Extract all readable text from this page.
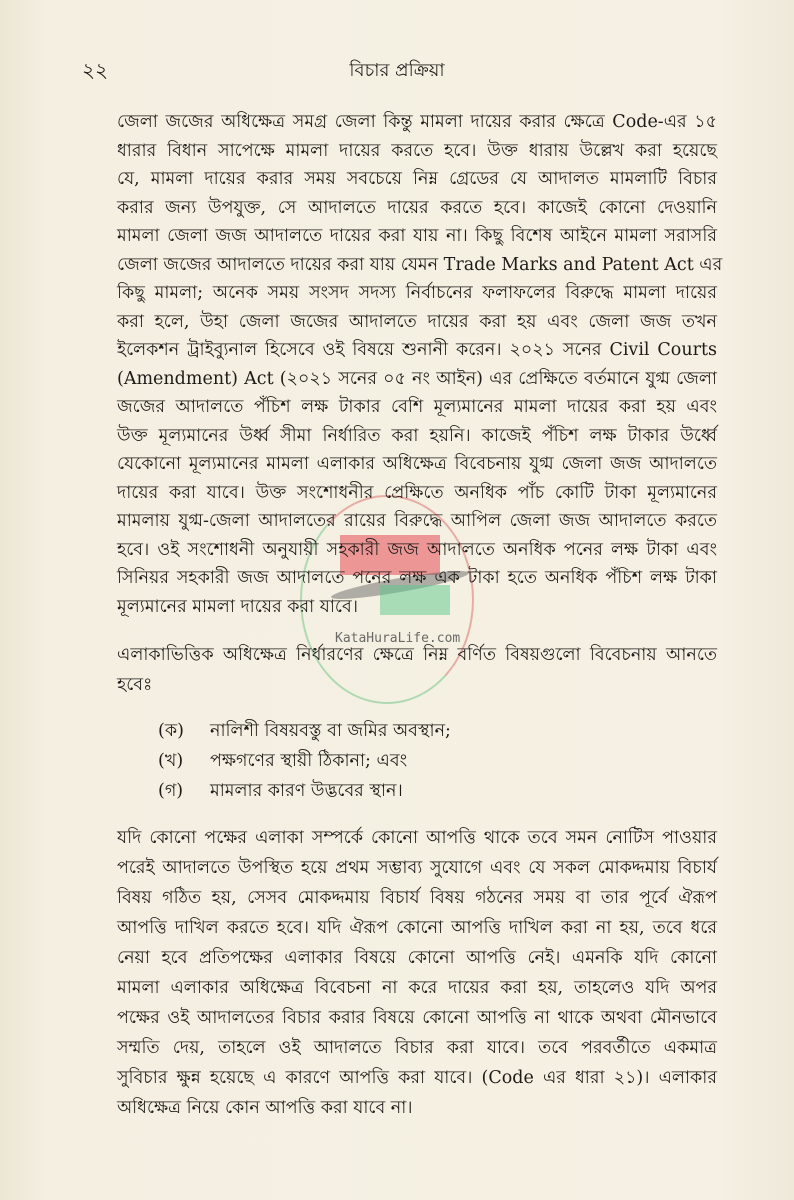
KataHuraLife.com
২২	বিচার প্রক্রিয়া
জেলা জজের অধিক্ষেত্র সমগ্র জেলা কিন্তু মামলা দায়ের করার ক্ষেত্রে Code-এর ১৫
ধারার বিধান সাপেক্ষে মামলা দায়ের করতে হবে। উক্ত ধারায় উল্লেখ করা হয়েছে
যে, মামলা দায়ের করার সময় সবচেয়ে নিম্ন গ্রেডের যে আদালত মামলাটি বিচার
করার জন্য উপযুক্ত, সে আদালতে দায়ের করতে হবে। কাজেই কোনো দেওয়ানি
মামলা জেলা জজ আদালতে দায়ের করা যায় না। কিছু বিশেষ আইনে মামলা সরাসরি
জেলা জজের আদালতে দায়ের করা যায় যেমন Trade Marks and Patent Act এর
কিছু মামলা; অনেক সময় সংসদ সদস্য নির্বাচনের ফলাফলের বিরুদ্ধে মামলা দায়ের
করা হলে, উহা জেলা জজের আদালতে দায়ের করা হয় এবং জেলা জজ তখন
ইলেকশন ট্রাইব্যুনাল হিসেবে ওই বিষয়ে শুনানী করেন। ২০২১ সনের Civil Courts
(Amendment) Act (২০২১ সনের ০৫ নং আইন) এর প্রেক্ষিতে বর্তমানে যুগ্ম জেলা
জজের আদালতে পঁচিশ লক্ষ টাকার বেশি মূল্যমানের মামলা দায়ের করা হয় এবং
উক্ত মূল্যমানের উর্ধ্ব সীমা নির্ধারিত করা হয়নি। কাজেই পঁচিশ লক্ষ টাকার উর্ধ্বে
যেকোনো মূল্যমানের মামলা এলাকার অধিক্ষেত্র বিবেচনায় যুগ্ম জেলা জজ আদালতে
দায়ের করা যাবে। উক্ত সংশোধনীর প্রেক্ষিতে অনধিক পাঁচ কোটি টাকা মূল্যমানের
মামলায় যুগ্ম-জেলা আদালতের রায়ের বিরুদ্ধে আপিল জেলা জজ আদালতে করতে
হবে। ওই সংশোধনী অনুযায়ী সহকারী জজ আদালতে অনধিক পনের লক্ষ টাকা এবং
সিনিয়র সহকারী জজ আদালতে পনের লক্ষ এক টাকা হতে অনধিক পঁচিশ লক্ষ টাকা
মূল্যমানের মামলা দায়ের করা যাবে।
এলাকাভিত্তিক অধিক্ষেত্র নির্ধারণের ক্ষেত্রে নিম্ন বর্ণিত বিষয়গুলো বিবেচনায় আনতে
হবেঃ
(ক) নালিশী বিষয়বস্তু বা জমির অবস্থান;
(খ) পক্ষগণের স্থায়ী ঠিকানা; এবং
(গ) মামলার কারণ উদ্ভবের স্থান।
যদি কোনো পক্ষের এলাকা সম্পর্কে কোনো আপত্তি থাকে তবে সমন নোটিস পাওয়ার
পরেই আদালতে উপস্থিত হয়ে প্রথম সম্ভাব্য সুযোগে এবং যে সকল মোকদ্দমায় বিচার্য
বিষয় গঠিত হয়, সেসব মোকদ্দমায় বিচার্য বিষয় গঠনের সময় বা তার পূর্বে ঐরূপ
আপত্তি দাখিল করতে হবে। যদি ঐরূপ কোনো আপত্তি দাখিল করা না হয়, তবে ধরে
নেয়া হবে প্রতিপক্ষের এলাকার বিষয়ে কোনো আপত্তি নেই। এমনকি যদি কোনো
মামলা এলাকার অধিক্ষেত্র বিবেচনা না করে দায়ের করা হয়, তাহলেও যদি অপর
পক্ষের ওই আদালতের বিচার করার বিষয়ে কোনো আপত্তি না থাকে অথবা মৌনভাবে
সম্মতি দেয়, তাহলে ওই আদালতে বিচার করা যাবে। তবে পরবর্তীতে একমাত্র
সুবিচার ক্ষুন্ন হয়েছে এ কারণে আপত্তি করা যাবে। (Code এর ধারা ২১)। এলাকার
অধিক্ষেত্র নিয়ে কোন আপত্তি করা যাবে না।
